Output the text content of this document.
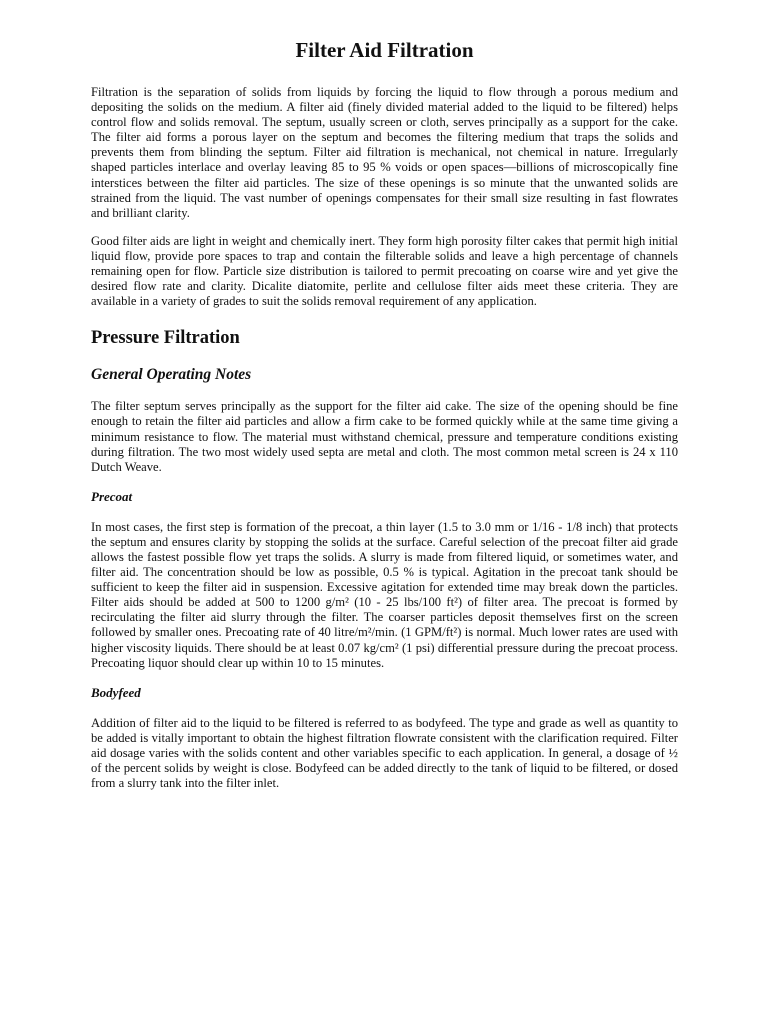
Filter Aid Filtration

Filtration is the separation of solids from liquids by forcing the liquid to flow through a porous medium and depositing the solids on the medium. A filter aid (finely divided material added to the liquid to be filtered) helps control flow and solids removal. The septum, usually screen or cloth, serves principally as a support for the cake. The filter aid forms a porous layer on the septum and becomes the filtering medium that traps the solids and prevents them from blinding the septum. Filter aid filtration is mechanical, not chemical in nature. Irregularly shaped particles interlace and overlay leaving 85 to 95 % voids or open spaces—billions of microscopically fine interstices between the filter aid particles. The size of these openings is so minute that the unwanted solids are strained from the liquid. The vast number of openings compensates for their small size resulting in fast flowrates and brilliant clarity.

Good filter aids are light in weight and chemically inert. They form high porosity filter cakes that permit high initial liquid flow, provide pore spaces to trap and contain the filterable solids and leave a high percentage of channels remaining open for flow. Particle size distribution is tailored to permit precoating on coarse wire and yet give the desired flow rate and clarity. Dicalite diatomite, perlite and cellulose filter aids meet these criteria. They are available in a variety of grades to suit the solids removal requirement of any application.

Pressure Filtration
General Operating Notes

The filter septum serves principally as the support for the filter aid cake. The size of the opening should be fine enough to retain the filter aid particles and allow a firm cake to be formed quickly while at the same time giving a minimum resistance to flow. The material must withstand chemical, pressure and temperature conditions existing during filtration. The two most widely used septa are metal and cloth. The most common metal screen is 24 x 110 Dutch Weave.

Precoat

In most cases, the first step is formation of the precoat, a thin layer (1.5 to 3.0 mm or 1/16 - 1/8 inch) that protects the septum and ensures clarity by stopping the solids at the surface. Careful selection of the precoat filter aid grade allows the fastest possible flow yet traps the solids. A slurry is made from filtered liquid, or sometimes water, and filter aid. The concentration should be low as possible, 0.5 % is typical. Agitation in the precoat tank should be sufficient to keep the filter aid in suspension. Excessive agitation for extended time may break down the particles. Filter aids should be added at 500 to 1200 g/m² (10 - 25 lbs/100 ft²) of filter area. The precoat is formed by recirculating the filter aid slurry through the filter. The coarser particles deposit themselves first on the screen followed by smaller ones. Precoating rate of 40 litre/m²/min. (1 GPM/ft²) is normal. Much lower rates are used with higher viscosity liquids. There should be at least 0.07 kg/cm² (1 psi) differential pressure during the precoat process. Precoating liquor should clear up within 10 to 15 minutes.

Bodyfeed

Addition of filter aid to the liquid to be filtered is referred to as bodyfeed. The type and grade as well as quantity to be added is vitally important to obtain the highest filtration flowrate consistent with the clarification required. Filter aid dosage varies with the solids content and other variables specific to each application. In general, a dosage of ½ of the percent solids by weight is close. Bodyfeed can be added directly to the tank of liquid to be filtered, or dosed from a slurry tank into the filter inlet.
